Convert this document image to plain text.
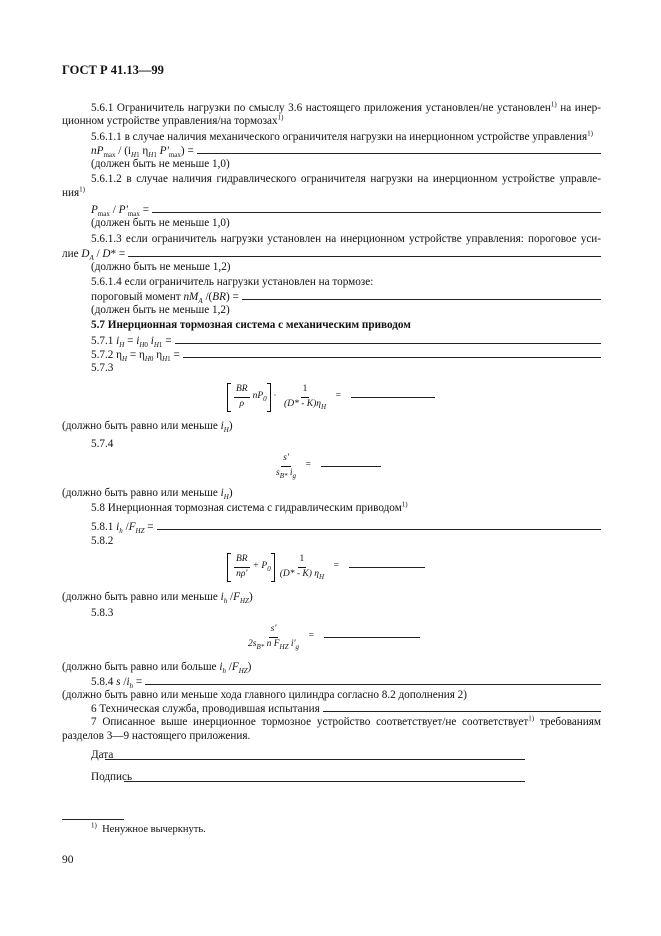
ГОСТ Р 41.13—99
5.6.1 Ограничитель нагрузки по смыслу 3.6 настоящего приложения установлен/не установлен$^{1)}$ на инер-
ционном устройстве управления/на тормозах$^{1)}$
5.6.1.1 в случае наличия механического ограничителя нагрузки на инерционном устройстве управления$^{1)}$
$nP_{max} / (i_{H1}$ $\eta_{H1}$ $P'_{max}$) =
(должен быть не меньше 1,0)
5.6.1.2 в случае наличия гидравлического ограничителя нагрузки на инерционном устройстве управле-
ния$^{1)}$
$P_{max} / P'_{max}$ =
(должен быть не меньше 1,0)
5.6.1.3 если ограничитель нагрузки установлен на инерционном устройстве управления: пороговое уси-
лие $D_A / D*$ =
(должно быть не меньше 1,2)
5.6.1.4 если ограничитель нагрузки установлен на тормозе:
пороговый момент $nM_A$ /(BR) =
(должен быть не меньше 1,2)
5.7 Инерционная тормозная система с механическим приводом
5.7.1 $i_H = i_{H0}$ $i_{H1}$ =
5.7.2 $\eta_H = \eta_{H0}$ $\eta_{H1}$ =
5.7.3
$\frac{BR}{\rho} nP_0 \cdot \frac{1}{(D* - K)\eta_H}$ =
(должно быть равно или меньше $i_H$)
5.7.4
$\frac{s'}{s_{B*} i_g}$ =
(должно быть равно или меньше $i_H$)
5.8 Инерционная тормозная система с гидравлическим приводом$^{1)}$
5.8.1 $i_h$ $/F_{HZ}$ =
5.8.2
$\frac{BR}{n\rho'} + P_0 \frac{1}{(D* - K) \eta_H}$ =
(должно быть равно или меньше $i_h$ $/F_{HZ}$)
5.8.3
$\frac{s'}{2s_{B*} n F_{HZ} i'_g}$ =
(должно быть равно или больше $i_h$ $/F_{HZ}$)
5.8.4 s $/i_h$ =
(должно быть равно или меньше хода главного цилиндра согласно 8.2 дополнения 2)
6 Техническая служба, проводившая испытания
7 Описанное выше инерционное тормозное устройство соответствует/не соответствует$^{1)}$ требованиям
разделов 3—9 настоящего приложения.
Дата
Подпись
$^{1)}$ Ненужное вычеркнуть.
90
